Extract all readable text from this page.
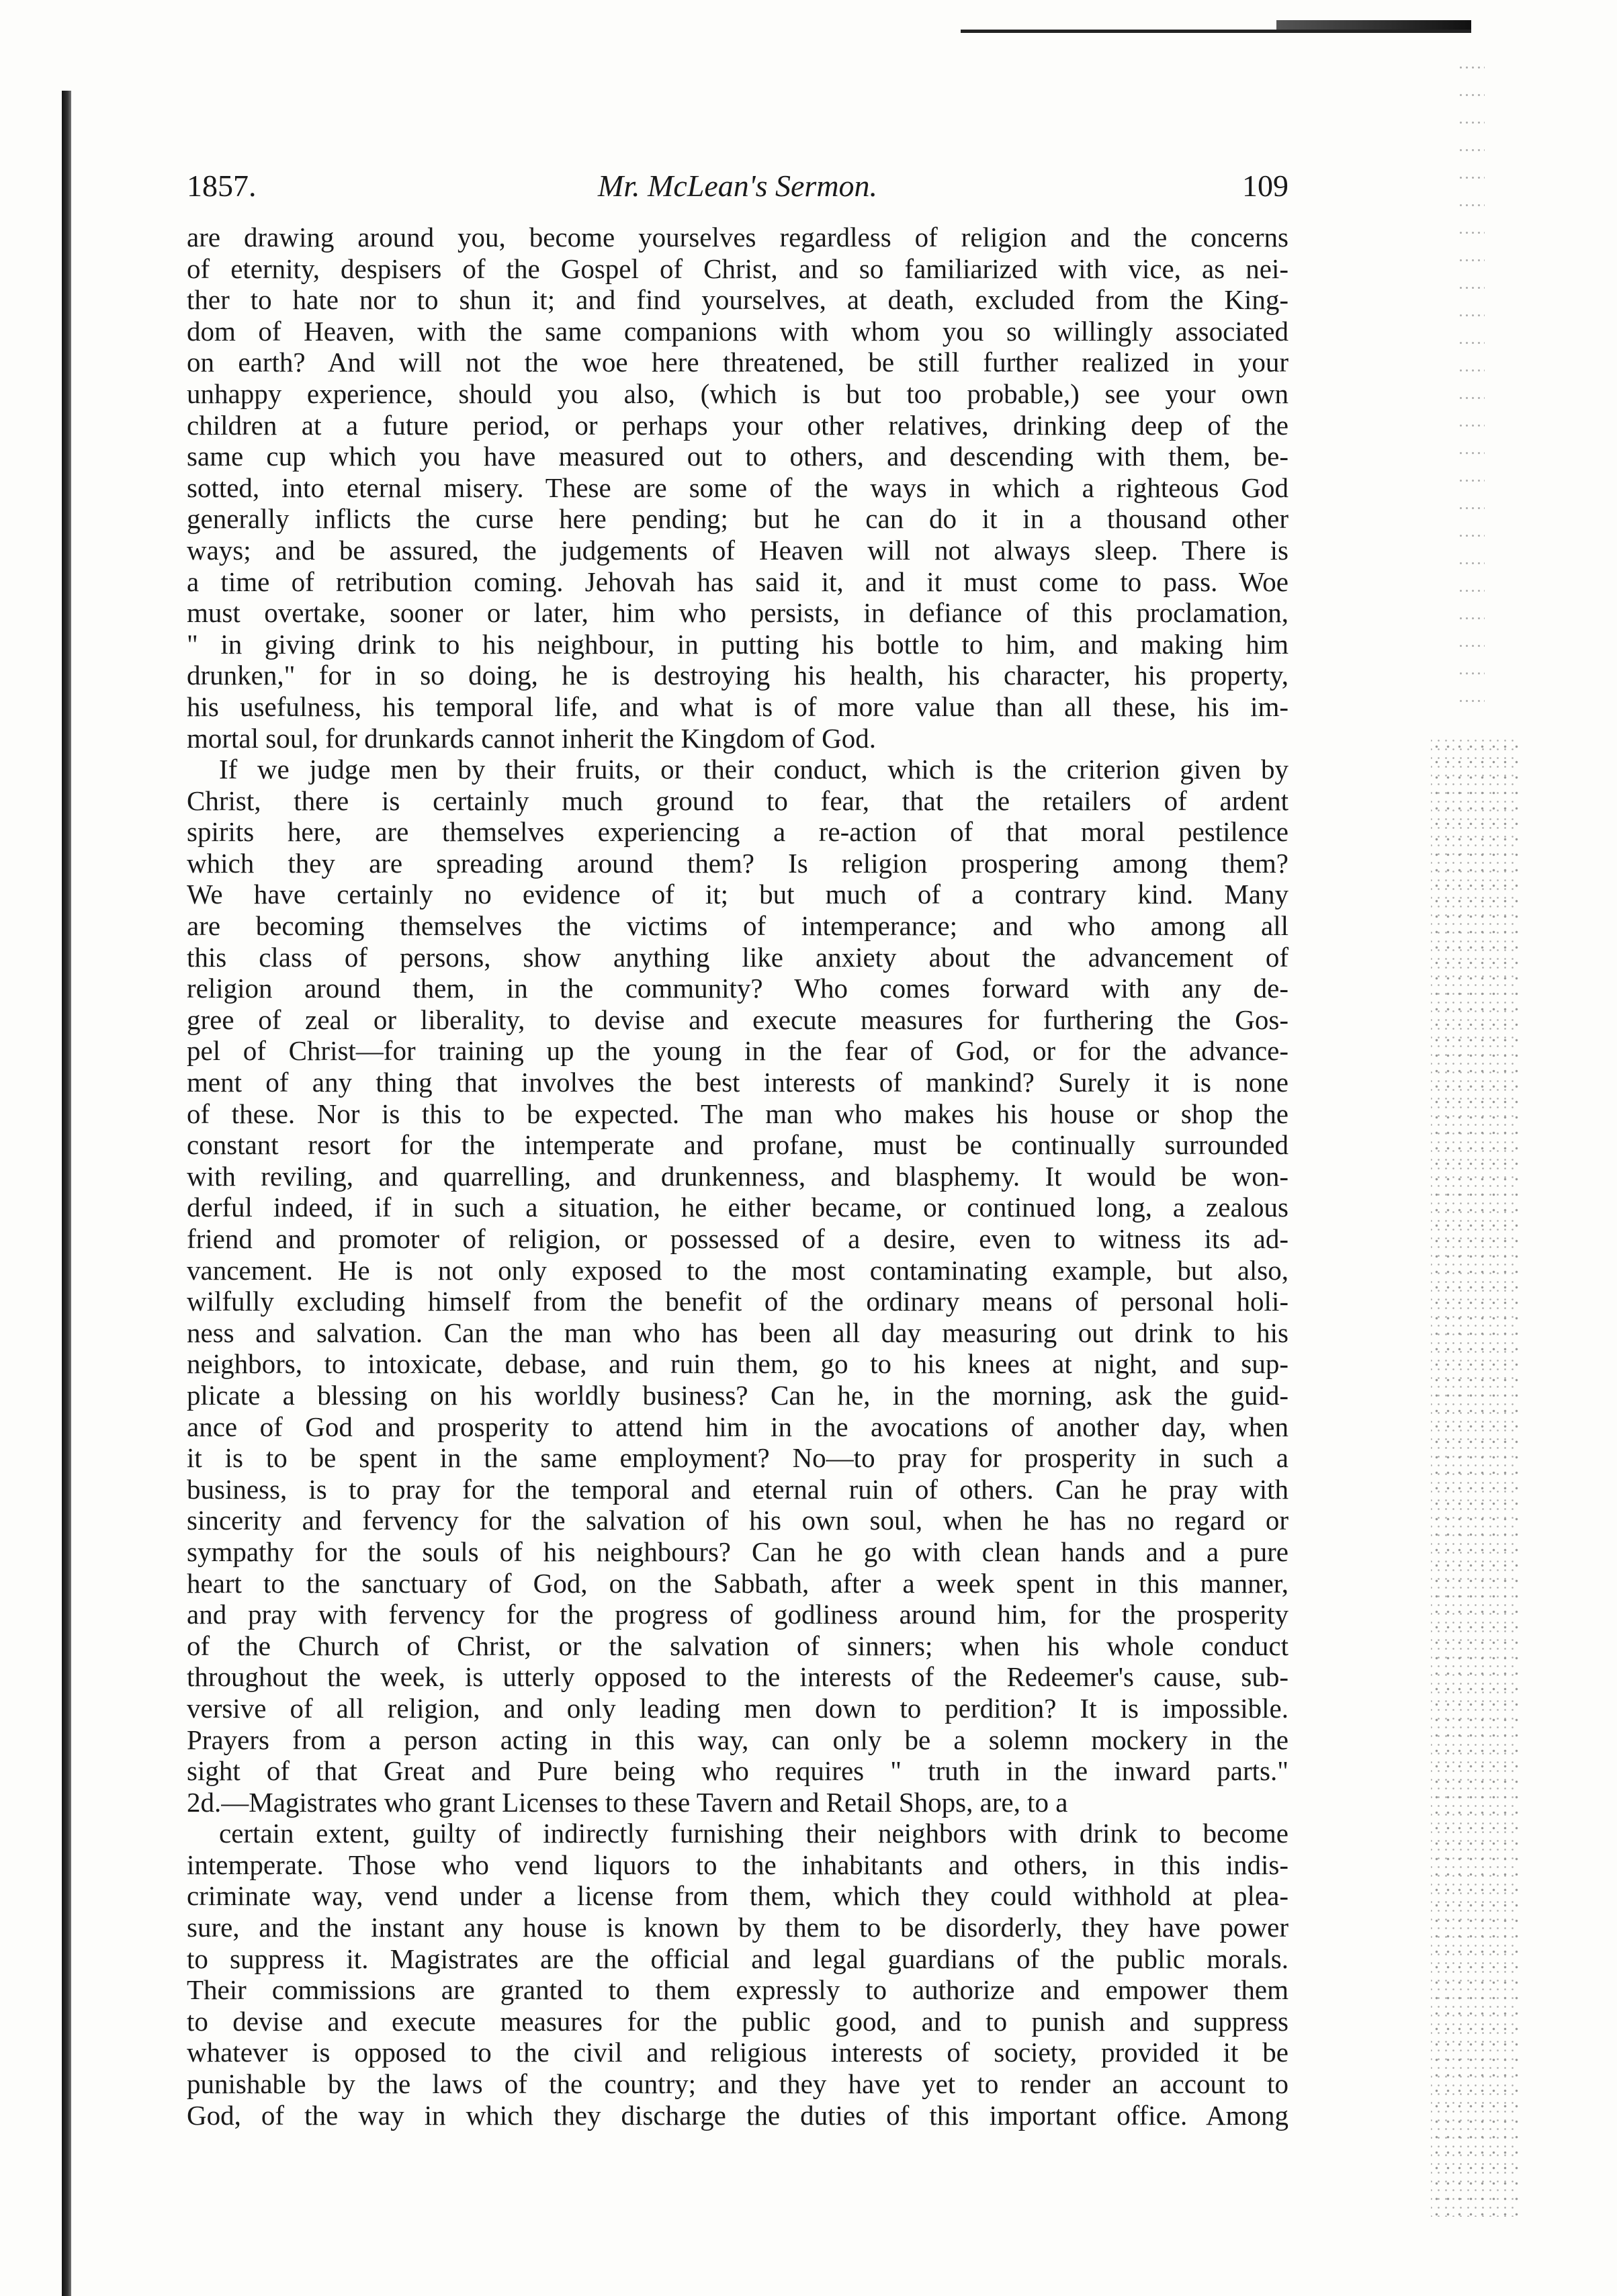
Mr. McLean's Sermon.
1857.	109
are drawing around you, become yourselves regardless of religion and the concerns
of eternity, despisers of the Gospel of Christ, and so familiarized with vice, as nei-
ther to hate nor to shun it; and find yourselves, at death, excluded from the King-
dom of Heaven, with the same companions with whom you so willingly associated
on earth? And will not the woe here threatened, be still further realized in your
unhappy experience, should you also, (which is but too probable,) see your own
children at a future period, or perhaps your other relatives, drinking deep of the
same cup which you have measured out to others, and descending with them, be-
sotted, into eternal misery. These are some of the ways in which a righteous God
generally inflicts the curse here pending; but he can do it in a thousand other
ways; and be assured, the judgements of Heaven will not always sleep. There is
a time of retribution coming. Jehovah has said it, and it must come to pass. Woe
must overtake, sooner or later, him who persists, in defiance of this proclamation,
" in giving drink to his neighbour, in putting his bottle to him, and making him
drunken," for in so doing, he is destroying his health, his character, his property,
his usefulness, his temporal life, and what is of more value than all these, his im-
mortal soul, for drunkards cannot inherit the Kingdom of God.
If we judge men by their fruits, or their conduct, which is the criterion given by
Christ, there is certainly much ground to fear, that the retailers of ardent
spirits here, are themselves experiencing a re-action of that moral pestilence
which they are spreading around them? Is religion prospering among them?
We have certainly no evidence of it; but much of a contrary kind. Many
are becoming themselves the victims of intemperance; and who among all
this class of persons, show anything like anxiety about the advancement of
religion around them, in the community? Who comes forward with any de-
gree of zeal or liberality, to devise and execute measures for furthering the Gos-
pel of Christ—for training up the young in the fear of God, or for the advance-
ment of any thing that involves the best interests of mankind? Surely it is none
of these. Nor is this to be expected. The man who makes his house or shop the
constant resort for the intemperate and profane, must be continually surrounded
with reviling, and quarrelling, and drunkenness, and blasphemy. It would be won-
derful indeed, if in such a situation, he either became, or continued long, a zealous
friend and promoter of religion, or possessed of a desire, even to witness its ad-
vancement. He is not only exposed to the most contaminating example, but also,
wilfully excluding himself from the benefit of the ordinary means of personal holi-
ness and salvation. Can the man who has been all day measuring out drink to his
neighbors, to intoxicate, debase, and ruin them, go to his knees at night, and sup-
plicate a blessing on his worldly business? Can he, in the morning, ask the guid-
ance of God and prosperity to attend him in the avocations of another day, when
it is to be spent in the same employment? No—to pray for prosperity in such a
business, is to pray for the temporal and eternal ruin of others. Can he pray with
sincerity and fervency for the salvation of his own soul, when he has no regard or
sympathy for the souls of his neighbours? Can he go with clean hands and a pure
heart to the sanctuary of God, on the Sabbath, after a week spent in this manner,
and pray with fervency for the progress of godliness around him, for the prosperity
of the Church of Christ, or the salvation of sinners; when his whole conduct
throughout the week, is utterly opposed to the interests of the Redeemer's cause, sub-
versive of all religion, and only leading men down to perdition? It is impossible.
Prayers from a person acting in this way, can only be a solemn mockery in the
sight of that Great and Pure being who requires " truth in the inward parts."
2d.—Magistrates who grant Licenses to these Tavern and Retail Shops, are, to a
certain extent, guilty of indirectly furnishing their neighbors with drink to become
intemperate. Those who vend liquors to the inhabitants and others, in this indis-
criminate way, vend under a license from them, which they could withhold at plea-
sure, and the instant any house is known by them to be disorderly, they have power
to suppress it. Magistrates are the official and legal guardians of the public morals.
Their commissions are granted to them expressly to authorize and empower them
to devise and execute measures for the public good, and to punish and suppress
whatever is opposed to the civil and religious interests of society, provided it be
punishable by the laws of the country; and they have yet to render an account to
God, of the way in which they discharge the duties of this important office. Among
